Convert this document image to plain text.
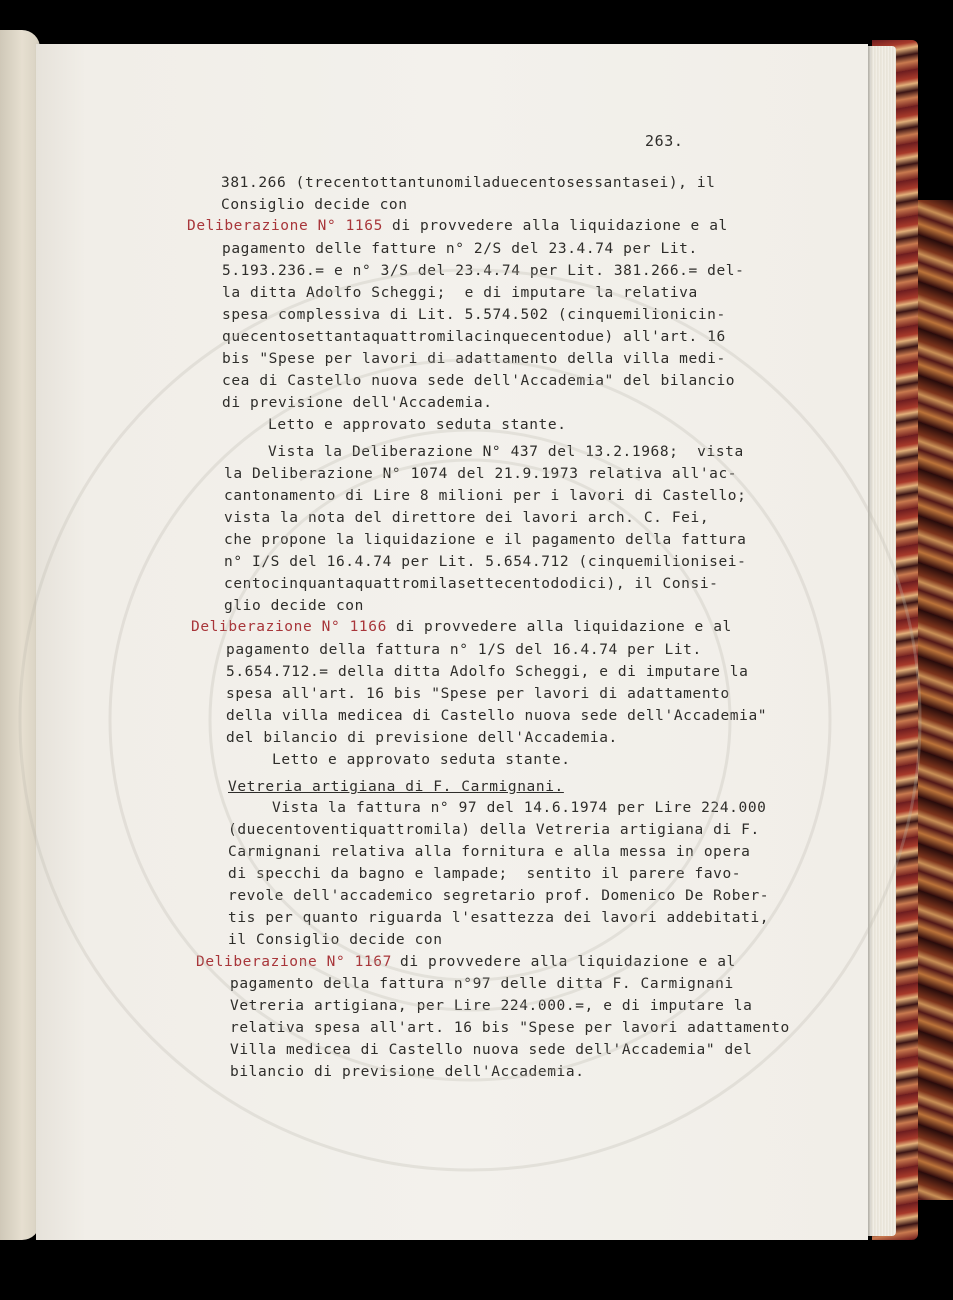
263.
381.266 (trecentottantunomiladuecentosessantasei), il
Consiglio decide con
Deliberazione N° 1165 di provvedere alla liquidazione e al
pagamento delle fatture n° 2/S del 23.4.74 per Lit.
5.193.236.= e n° 3/S del 23.4.74 per Lit. 381.266.= del-
la ditta Adolfo Scheggi;  e di imputare la relativa
spesa complessiva di Lit. 5.574.502 (cinquemilionicin-
quecentosettantaquattromilacinquecentodue) all'art. 16
bis "Spese per lavori di adattamento della villa medi-
cea di Castello nuova sede dell'Accademia" del bilancio
di previsione dell'Accademia.
Letto e approvato seduta stante.
Vista la Deliberazione N° 437 del 13.2.1968;  vista
la Deliberazione N° 1074 del 21.9.1973 relativa all'ac-
cantonamento di Lire 8 milioni per i lavori di Castello;
vista la nota del direttore dei lavori arch. C. Fei,
che propone la liquidazione e il pagamento della fattura
n° I/S del 16.4.74 per Lit. 5.654.712 (cinquemilionisei-
centocinquantaquattromilasettecentododici), il Consi-
glio decide con
Deliberazione N° 1166 di provvedere alla liquidazione e al
pagamento della fattura n° 1/S del 16.4.74 per Lit.
5.654.712.= della ditta Adolfo Scheggi, e di imputare la
spesa all'art. 16 bis "Spese per lavori di adattamento
della villa medicea di Castello nuova sede dell'Accademia"
del bilancio di previsione dell'Accademia.
Letto e approvato seduta stante.
Vetreria artigiana di F. Carmignani.
Vista la fattura n° 97 del 14.6.1974 per Lire 224.000
(duecentoventiquattromila) della Vetreria artigiana di F.
Carmignani relativa alla fornitura e alla messa in opera
di specchi da bagno e lampade;  sentito il parere favo-
revole dell'accademico segretario prof. Domenico De Rober-
tis per quanto riguarda l'esattezza dei lavori addebitati,
il Consiglio decide con
Deliberazione N° 1167 di provvedere alla liquidazione e al
pagamento della fattura n°97 delle ditta F. Carmignani
Vetreria artigiana, per Lire 224.000.=, e di imputare la
relativa spesa all'art. 16 bis "Spese per lavori adattamento
Villa medicea di Castello nuova sede dell'Accademia" del
bilancio di previsione dell'Accademia.
